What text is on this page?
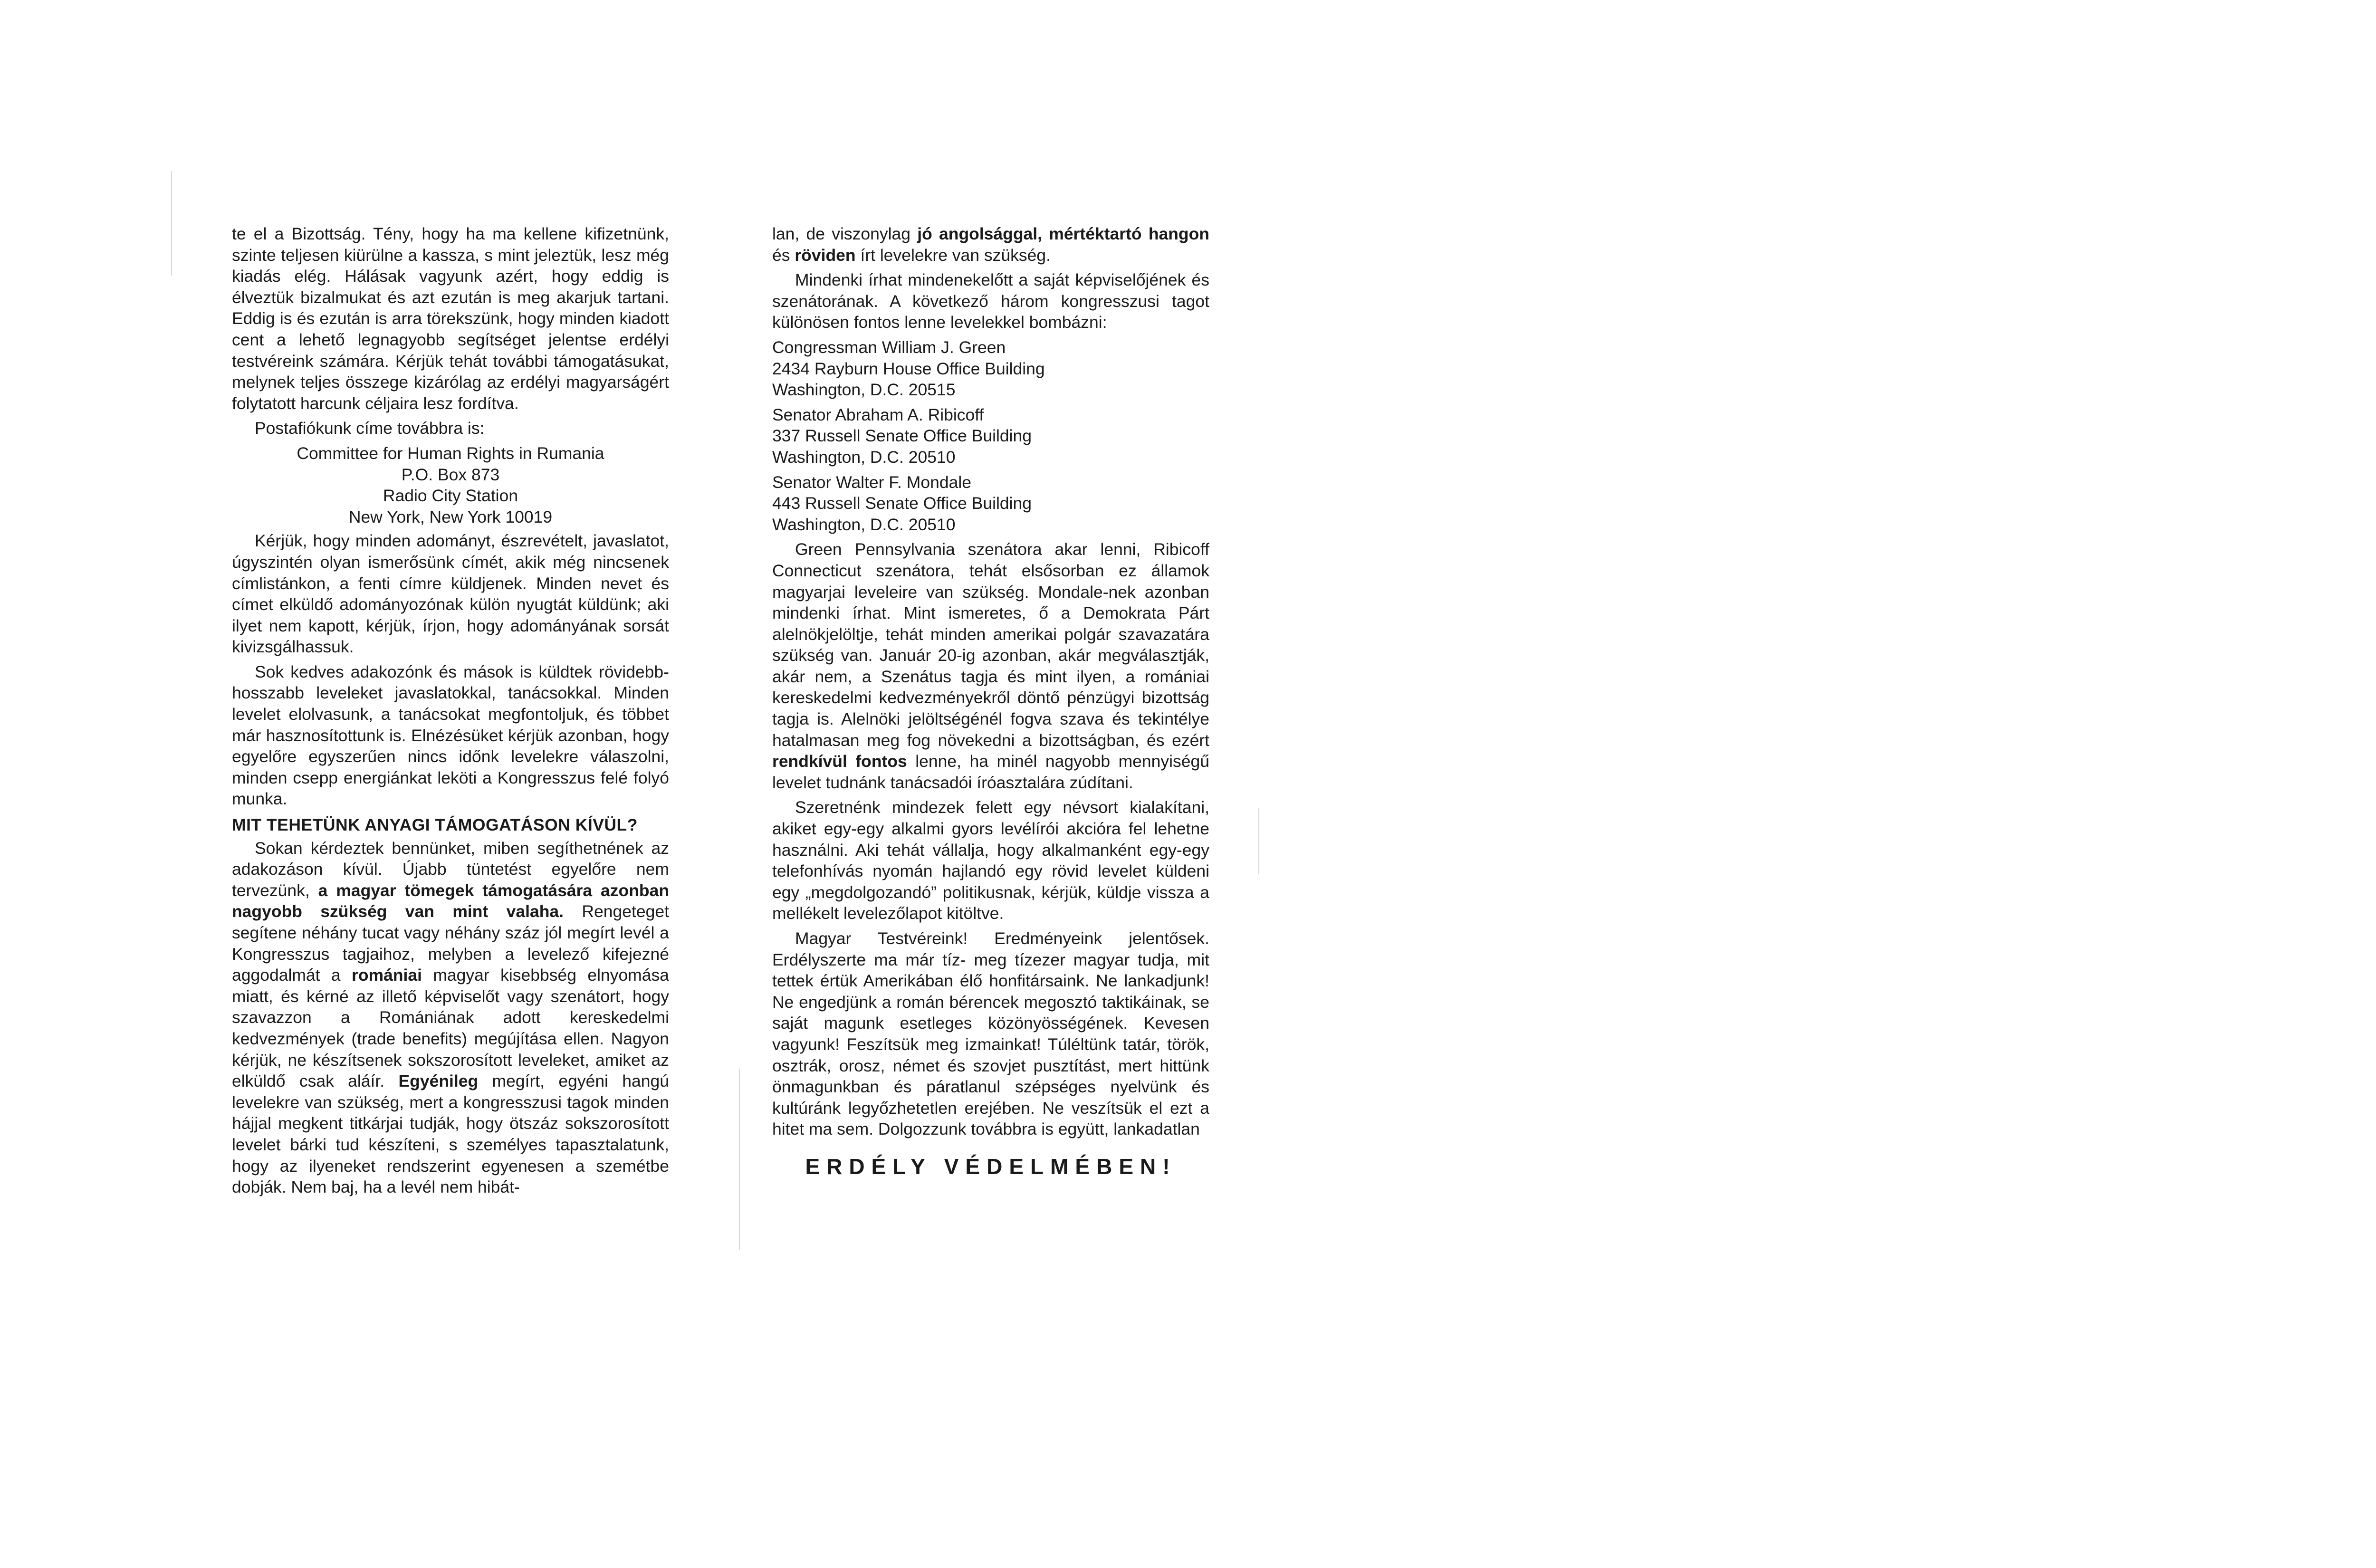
te el a Bizottság. Tény, hogy ha ma kellene kifizetnünk, szinte teljesen kiürülne a kassza, s mint jeleztük, lesz még kiadás elég. Hálásak vagyunk azért, hogy eddig is élveztük bizalmukat és azt ezután is meg akarjuk tartani. Eddig is és ezután is arra törekszünk, hogy minden kiadott cent a lehető legnagyobb segítséget jelentse erdélyi testvéreink számára. Kérjük tehát további támogatásukat, melynek teljes összege kizárólag az erdélyi magyarságért folytatott harcunk céljaira lesz fordítva.

Postafiókunk címe továbbra is:

Committee for Human Rights in Rumania
P.O. Box 873
Radio City Station
New York, New York 10019

Kérjük, hogy minden adományt, észrevételt, javaslatot, úgyszintén olyan ismerősünk címét, akik még nincsenek címlistánkon, a fenti címre küldjenek. Minden nevet és címet elküldő adományozónak külön nyugtát küldünk; aki ilyet nem kapott, kérjük, írjon, hogy adományának sorsát kivizsgálhassuk.

Sok kedves adakozónk és mások is küldtek rövidebb-hosszabb leveleket javaslatokkal, tanácsokkal. Minden levelet elolvasunk, a tanácsokat megfontoljuk, és többet már hasznosítottunk is. Elnézésüket kérjük azonban, hogy egyelőre egyszerűen nincs időnk levelekre válaszolni, minden csepp energiánkat leköti a Kongresszus felé folyó munka.

MIT TEHETÜNK ANYAGI TÁMOGATÁSON KÍVÜL?

Sokan kérdeztek bennünket, miben segíthetnének az adakozáson kívül. Újabb tüntetést egyelőre nem tervezünk, a magyar tömegek támogatására azonban nagyobb szükség van mint valaha. Rengeteget segítene néhány tucat vagy néhány száz jól megírt levél a Kongresszus tagjaihoz, melyben a levelező kifejezné aggodalmát a romániai magyar kisebbség elnyomása miatt, és kérné az illető képviselőt vagy szenátort, hogy szavazzon a Romániának adott kereskedelmi kedvezmények (trade benefits) megújítása ellen. Nagyon kérjük, ne készítsenek sokszorosított leveleket, amiket az elküldő csak aláír. Egyénileg megírt, egyéni hangú levelekre van szükség, mert a kongresszusi tagok minden hájjal megkent titkárjai tudják, hogy ötszáz sokszorosított levelet bárki tud készíteni, s személyes tapasztalatunk, hogy az ilyeneket rendszerint egyenesen a szemétbe dobják. Nem baj, ha a levél nem hibát-

lan, de viszonylag jó angolsággal, mértéktartó hangon és röviden írt levelekre van szükség.

Mindenki írhat mindenekelőtt a saját képviselőjének és szenátorának. A következő három kongresszusi tagot különösen fontos lenne levelekkel bombázni:

Congressman William J. Green
2434 Rayburn House Office Building
Washington, D.C. 20515
Senator Abraham A. Ribicoff
337 Russell Senate Office Building
Washington, D.C. 20510
Senator Walter F. Mondale
443 Russell Senate Office Building
Washington, D.C. 20510

Green Pennsylvania szenátora akar lenni, Ribicoff Connecticut szenátora, tehát elsősorban ez államok magyarjai leveleire van szükség. Mondale-nek azonban mindenki írhat. Mint ismeretes, ő a Demokrata Párt alelnökjelöltje, tehát minden amerikai polgár szavazatára szükség van. Január 20-ig azonban, akár megválasztják, akár nem, a Szenátus tagja és mint ilyen, a romániai kereskedelmi kedvezményekről döntő pénzügyi bizottság tagja is. Alelnöki jelöltségénél fogva szava és tekintélye hatalmasan meg fog növekedni a bizottságban, és ezért rendkívül fontos lenne, ha minél nagyobb mennyiségű levelet tudnánk tanácsadói íróasztalára zúdítani.

Szeretnénk mindezek felett egy névsort kialakítani, akiket egy-egy alkalmi gyors levélírói akcióra fel lehetne használni. Aki tehát vállalja, hogy alkalmanként egy-egy telefonhívás nyomán hajlandó egy rövid levelet küldeni egy „megdolgozandó” politikusnak, kérjük, küldje vissza a mellékelt levelezőlapot kitöltve.

Magyar Testvéreink! Eredményeink jelentősek. Erdélyszerte ma már tíz- meg tízezer magyar tudja, mit tettek értük Amerikában élő honfitársaink. Ne lankadjunk! Ne engedjünk a román bérencek megosztó taktikáinak, se saját magunk esetleges közönyösségének. Kevesen vagyunk! Feszítsük meg izmainkat! Túléltünk tatár, török, osztrák, orosz, német és szovjet pusztítást, mert hittünk önmagunkban és páratlanul szépséges nyelvünk és kultúránk legyőzhetetlen erejében. Ne veszítsük el ezt a hitet ma sem. Dolgozzunk továbbra is együtt, lankadatlan

ERDÉLY VÉDELMÉBEN!
